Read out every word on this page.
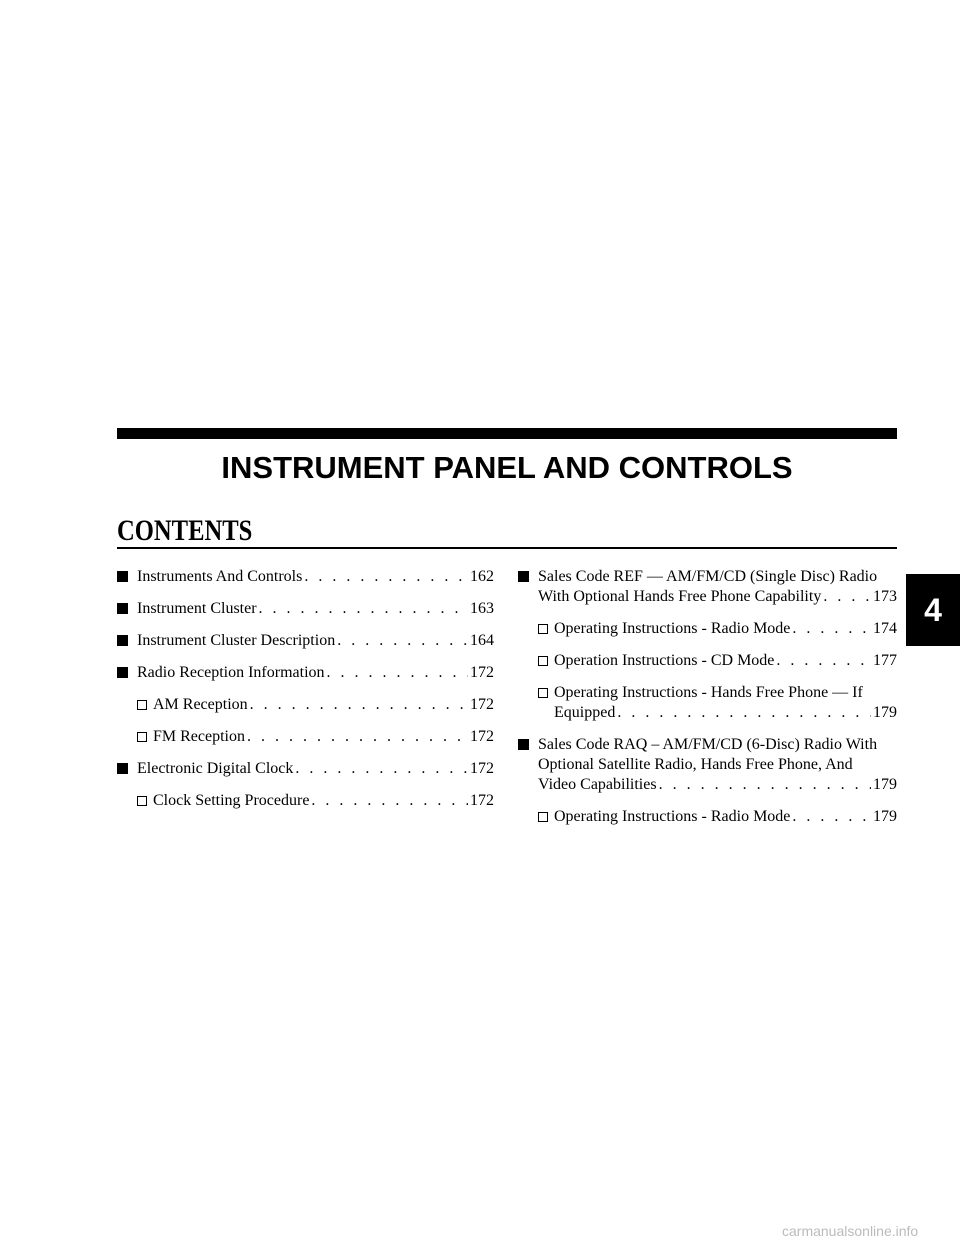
INSTRUMENT PANEL AND CONTROLS
CONTENTS
Instruments And Controls . . .	162
Instrument Cluster . . .	163
Instrument Cluster Description . . .	164
Radio Reception Information . . .	172
AM Reception . . .	172
FM Reception . . .	172
Electronic Digital Clock . . .	172
Clock Setting Procedure . . .	172
Sales Code REF — AM/FM/CD (Single Disc) Radio
With Optional Hands Free Phone Capability . . .	173
Operating Instructions - Radio Mode . . .	174
Operation Instructions - CD Mode . . .	177
Operating Instructions - Hands Free Phone — If
Equipped . . .	179
Sales Code RAQ – AM/FM/CD (6-Disc) Radio With
Optional Satellite Radio, Hands Free Phone, And
Video Capabilities . . .	179
Operating Instructions - Radio Mode . . .	179
4
carmanualsonline.info
